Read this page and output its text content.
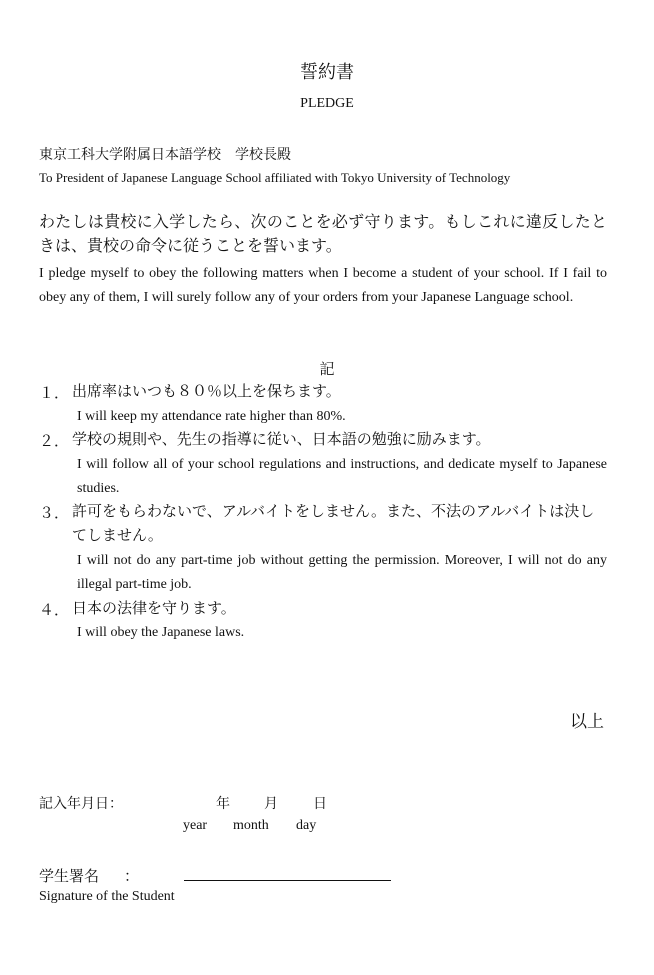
誓約書
PLEDGE
東京工科大学附属日本語学校　学校長殿
To President of Japanese Language School affiliated with Tokyo University of Technology
わたしは貴校に入学したら、次のことを必ず守ります。もしこれに違反したときは、貴校の命令に従うことを誓います。
I pledge myself to obey the following matters when I become a student of your school. If I fail to obey any of them, I will surely follow any of your orders from your Japanese Language school.
記
１． 出席率はいつも８０％以上を保ちます。
I will keep my attendance rate higher than 80%.
２． 学校の規則や、先生の指導に従い、日本語の勉強に励みます。
I will follow all of your school regulations and instructions, and dedicate myself to Japanese studies.
３． 許可をもらわないで、アルバイトをしません。また、不法のアルバイトは決してしません。
I will not do any part-time job without getting the permission. Moreover, I will not do any illegal part-time job.
４． 日本の法律を守ります。
I will obey the Japanese laws.
以上
記入年月日：	年 月	日
year month day
学生署名 ：
Signature of the Student
